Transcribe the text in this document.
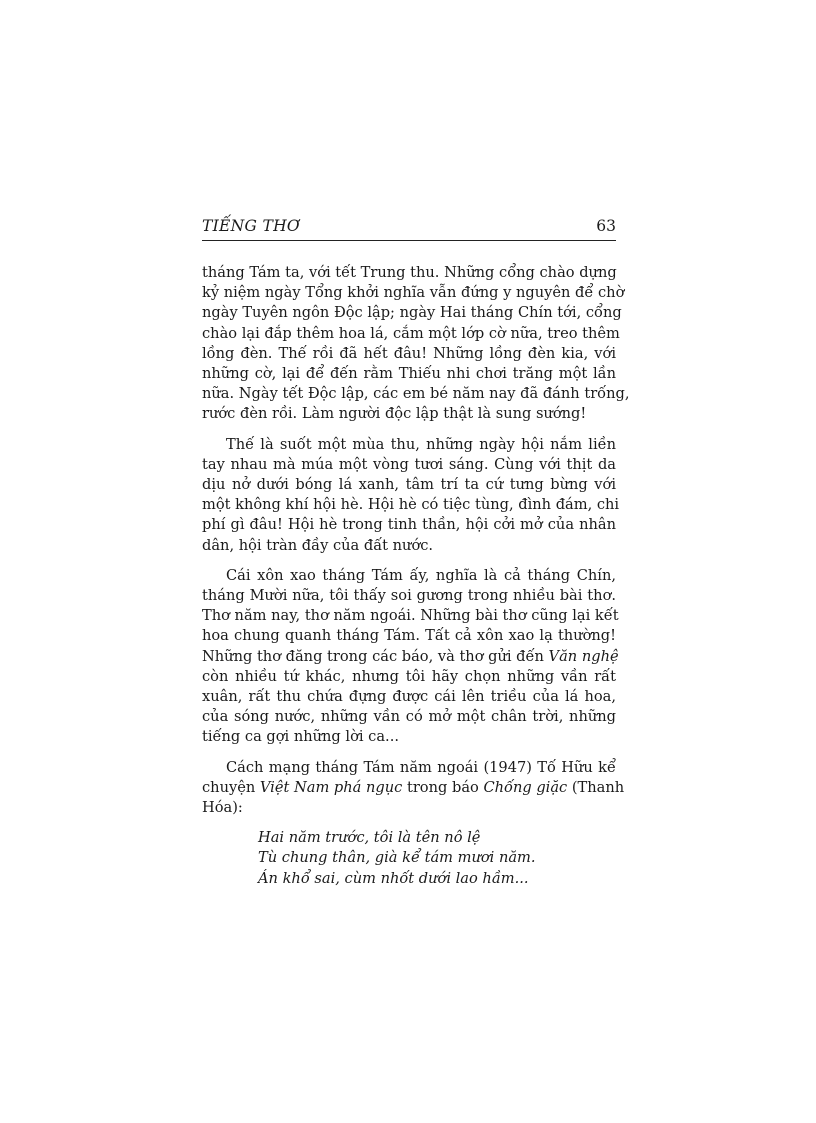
TIẾNG THƠ	63

tháng Tám ta, với tết Trung thu. Những cổng chào dựng
kỷ niệm ngày Tổng khởi nghĩa vẫn đứng y nguyên để chờ
ngày Tuyên ngôn Độc lập; ngày Hai tháng Chín tới, cổng
chào lại đắp thêm hoa lá, cắm một lớp cờ nữa, treo thêm
lồng đèn. Thế rồi đã hết đâu! Những lồng đèn kia, với
những cờ, lại để đến rằm Thiếu nhi chơi trăng một lần
nữa. Ngày tết Độc lập, các em bé năm nay đã đánh trống,
rước đèn rồi. Làm người độc lập thật là sung sướng!

Thế là suốt một mùa thu, những ngày hội nắm liền
tay nhau mà múa một vòng tươi sáng. Cùng với thịt da
dịu nở dưới bóng lá xanh, tâm trí ta cứ tưng bừng với
một không khí hội hè. Hội hè có tiệc tùng, đình đám, chi
phí gì đâu! Hội hè trong tinh thần, hội cởi mở của nhân
dân, hội tràn đầy của đất nước.

Cái xôn xao tháng Tám ấy, nghĩa là cả tháng Chín,
tháng Mười nữa, tôi thấy soi gương trong nhiều bài thơ.
Thơ năm nay, thơ năm ngoái. Những bài thơ cũng lại kết
hoa chung quanh tháng Tám. Tất cả xôn xao lạ thường!
Những thơ đăng trong các báo, và thơ gửi đến Văn nghệ
còn nhiều tứ khác, nhưng tôi hãy chọn những vần rất
xuân, rất thu chứa đựng được cái lên triều của lá hoa,
của sóng nước, những vần có mở một chân trời, những
tiếng ca gợi những lời ca...

Cách mạng tháng Tám năm ngoái (1947) Tố Hữu kể
chuyện Việt Nam phá ngục trong báo Chống giặc (Thanh
Hóa):

Hai năm trước, tôi là tên nô lệ
Tù chung thân, già kể tám mươi năm.
Án khổ sai, cùm nhốt dưới lao hầm...
